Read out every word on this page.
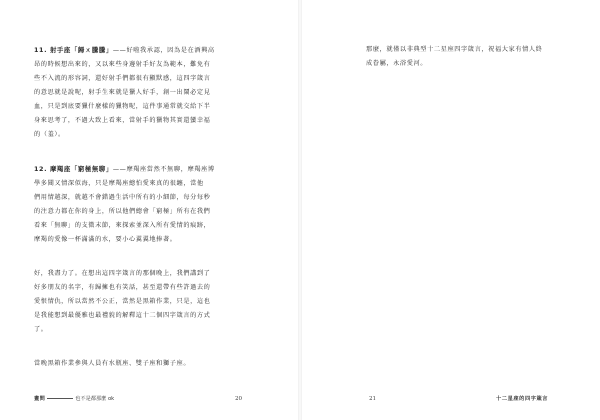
11. 射手座「歸ㄨ騰騰」——好啦我承認，因為是在酒興高
昂的時候想出來的，又以來些身邊射手好友為範本，難免有
些不入流的形容詞，還好射手們都很有顯默感，這四字箴言
的意思就是說呢，射手生來就是獵人好手，創一出鬧必定見
血，只是到底要獵什麼樣的獵物呢，這件事通常就交給下半
身來思考了，不過大致上看來，當射手的獵物其實還蠻幸福
的（羞）。
12. 摩羯座「窮極無聊」——摩羯座當然不無聊，摩羯座博
學多聞又情深似海，只是摩羯座總怕愛來真的很纏，當他
們用情越深，就越不會錯過生活中所有的小細節，每分每秒
的注意力都在你的身上，所以他們總會「窮極」所有在我們
看來「無聊」的支微末節，來探索並深入所有愛情的痕跡，
摩羯的愛像一杯滿滿的水，要小心翼翼地捧著。
好，我盡力了。在想出這四字箴言的那個晚上，我們講到了
好多朋友的名字，有歸擁也有笑話，甚至還帶有些許過去的
愛恨情仇，所以當然不公正，當然是黑箱作業，只是，這也
是我能想到最優雅也最禮貌的解釋這十二個四字箴言的方式
了。
當晚黑箱作業參與人員有水瓶座、雙子座和獅子座。
那麼，就僅以非典型十二星座四字箴言，祝福大家有情人終
成眷屬，永浴愛河。
畫問	也不是都那麼 ok	20	21	十二星座的四字箴言
